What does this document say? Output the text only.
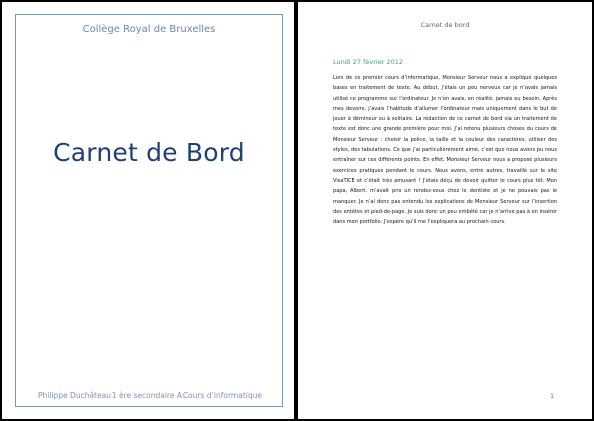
Collège Royal de Bruxelles
Carnet de Bord
Philippe Duchâteau 1 ère secondaire A Cours d’informatique
Carnet de bord
Lundi 27 février 2012
Lors de ce premier cours d’informatique, Monsieur Serveur nous a expliqué quelques bases en traitement de texte. Au début, j’étais un peu nerveux car je n’avais jamais utilisé ce programme sur l’ordinateur. Je n’en avais, en réalité, jamais eu besoin. Après mes devoirs, j’avais l’habitude d’allumer l’ordinateur mais uniquement dans le but de jouer à démineur ou à solitaire. La rédaction de ce carnet de bord via un traitement de texte est donc une grande première pour moi. J’ai retenu plusieurs choses du cours de Monsieur Serveur : choisir la police, la taille et la couleur des caractères, utiliser des styles, des tabulations. Ce que j’ai particulièrement aimé, c’est que nous avons pu nous entraîner sur ces différents points. En effet, Monsieur Serveur nous a proposé plusieurs exercices pratiques pendant le cours. Nous avons, entre autres, travaillé sur le site VisaTICE et c’était très amusant ! J’étais déçu de devoir quitter le cours plus tôt. Mon papa, Albert, m’avait pris un rendez-vous chez le dentiste et je ne pouvais pas le manquer. Je n’ai donc pas entendu les explications de Monsieur Serveur sur l’insertion des entêtes et pied-de-page. Je suis donc un peu embêté car je n’arrive pas à en insérer dans mon portfolio. J’espère qu’il me l’expliquera au prochain cours.
1
